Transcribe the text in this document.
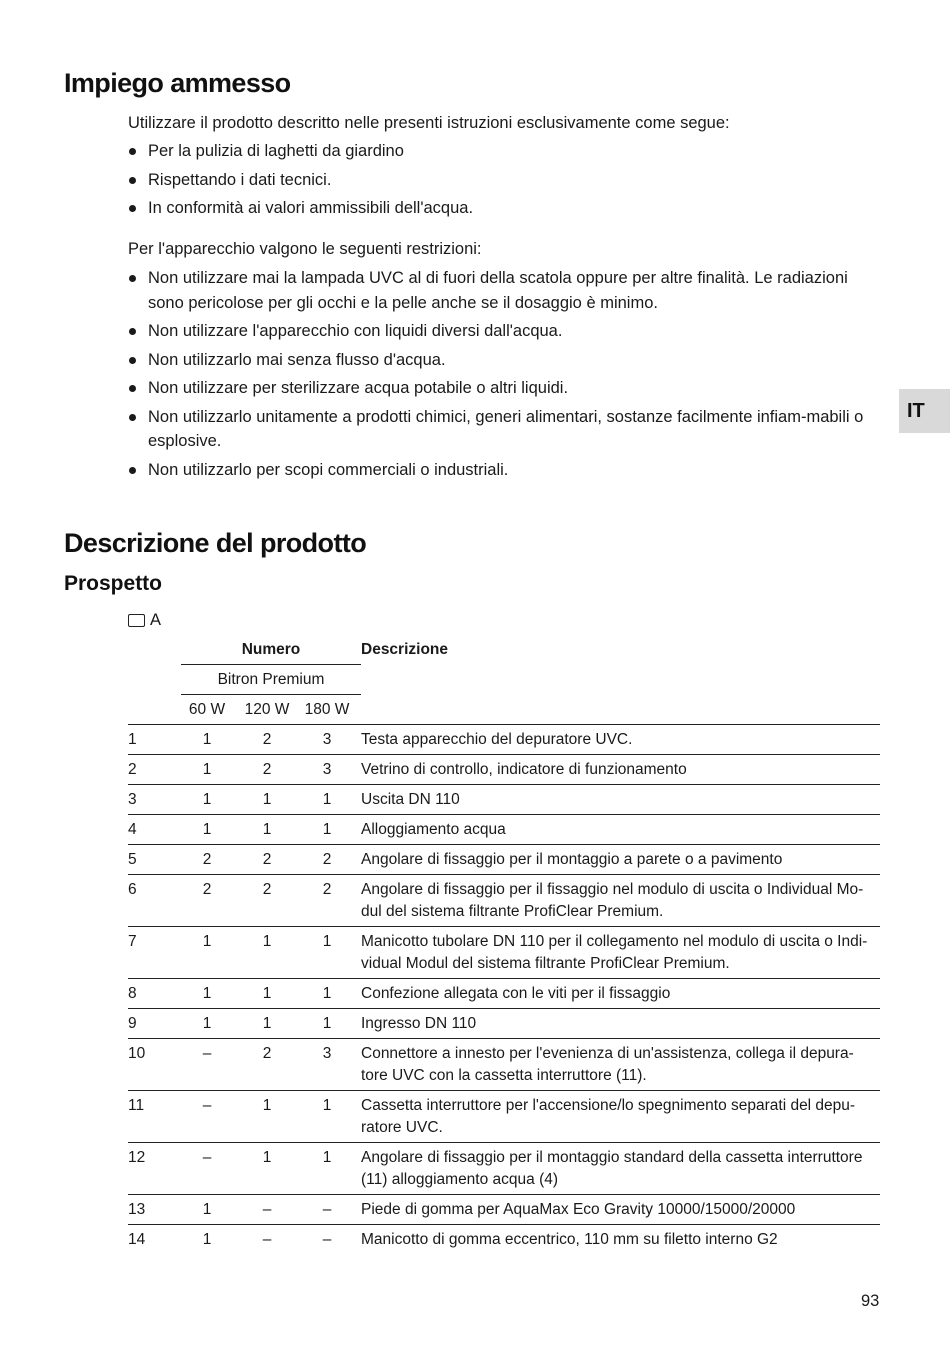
Impiego ammesso

Utilizzare il prodotto descritto nelle presenti istruzioni esclusivamente come segue:

Per la pulizia di laghetti da giardino
Rispettando i dati tecnici.
In conformità ai valori ammissibili dell'acqua.

Per l'apparecchio valgono le seguenti restrizioni:

Non utilizzare mai la lampada UVC al di fuori della scatola oppure per altre finalità. Le radiazioni sono pericolose per gli occhi e la pelle anche se il dosaggio è minimo.
Non utilizzare l'apparecchio con liquidi diversi dall'acqua.
Non utilizzarlo mai senza flusso d'acqua.
Non utilizzare per sterilizzare acqua potabile o altri liquidi.
Non utilizzarlo unitamente a prodotti chimici, generi alimentari, sostanze facilmente infiam-mabili o esplosive.
Non utilizzarlo per scopi commerciali o industriali.
IT
Descrizione del prodotto
Prospetto
A
Numero	Descrizione
Bitron Premium
60 W	120 W 180 W
1	1	2	3	Testa apparecchio del depuratore UVC.
2	1	2	3	Vetrino di controllo, indicatore di funzionamento
3	1	1	1	Uscita DN 110
4	1	1	1	Alloggiamento acqua
5	2	2	2	Angolare di fissaggio per il montaggio a parete o a pavimento
6	2	2	2	Angolare di fissaggio per il fissaggio nel modulo di uscita o Individual Mo-dul del sistema filtrante ProfiClear Premium.
7	1	1	1	Manicotto tubolare DN 110 per il collegamento nel modulo di uscita o Indi-vidual Modul del sistema filtrante ProfiClear Premium.
8	1	1	1	Confezione allegata con le viti per il fissaggio
9	1	1	1	Ingresso DN 110
10	–	2	3	Connettore a innesto per l'evenienza di un'assistenza, collega il depura-tore UVC con la cassetta interruttore (11).
11	–	1	1	Cassetta interruttore per l'accensione/lo spegnimento separati del depu-ratore UVC.
12	–	1	1	Angolare di fissaggio per il montaggio standard della cassetta interruttore (11) alloggiamento acqua (4)
13	1	–	–	Piede di gomma per AquaMax Eco Gravity 10000/15000/20000
14	1	–	–	Manicotto di gomma eccentrico, 110 mm su filetto interno G2
93
